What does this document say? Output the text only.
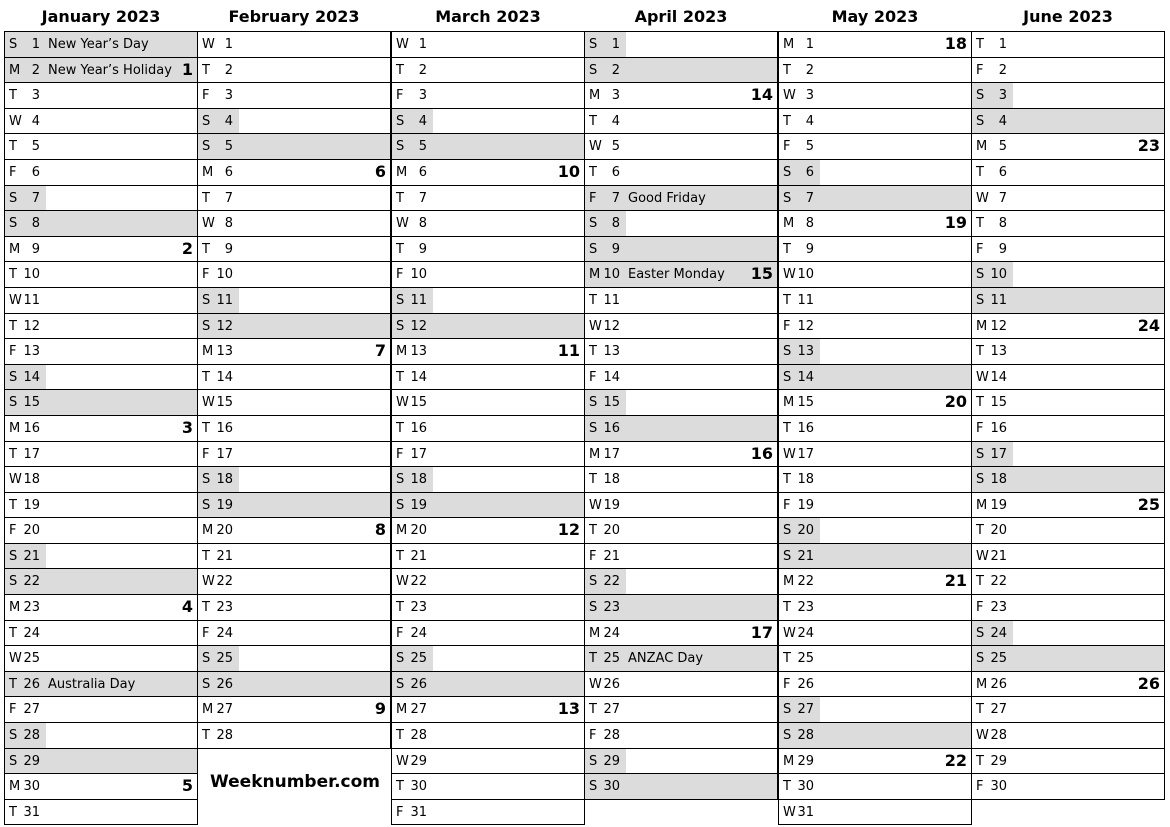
January 2023
S	1 New Year’s Day
M 2 New Year’s Holiday 1
T	3
W 4
T	5
F	6
S	7
S	8
M 9	2
T 10
W 11
T 12
F 13
S 14
S 15
M 16	3
T 17
W 18
T 19
F 20
S 21
S 22
M 23	4
T 24
W 25
T 26 Australia Day
F 27
S 28
S 29
M 30	5
T 31
February 2023
W 1
T	2
F	3
S	4
S	5
M 6	6
T	7
W 8
T	9
F 10
S 11
S 12
M 13	7
T 14
W 15
T 16
F 17
S 18
S 19
M 20	8
T 21
W 22
T 23
F 24
S 25
S 26
M 27	9
T 28
March 2023
W 1
T	2
F	3
S	4
S	5
M 6	10
T	7
W 8
T	9
F 10
S 11
S 12
M 13	11
T 14
W 15
T 16
F 17
S 18
S 19
M 20	12
T 21
W 22
T 23
F 24
S 25
S 26
M 27	13
T 28
W 29
T 30
F 31
April 2023
S	1
S	2
M 3	14
T	4
W 5
T	6
F	7 Good Friday
S	8
S	9
M 10 Easter Monday 15
T 11
W 12
T 13
F 14
S 15
S 16
M 17	16
T 18
W 19
T 20
F 21
S 22
S 23
M 24	17
T 25 ANZAC Day
W 26
T 27
F 28
S 29
S 30
May 2023
M 1	18
T	2
W 3
T	4
F	5
S	6
S	7
M 8	19
T	9
W 10
T 11
F 12
S 13
S 14
M 15	20
T 16
W 17
T 18
F 19
S 20
S 21
M 22	21
T 23
W 24
T 25
F 26
S 27
S 28
M 29	22
T 30
W 31
June 2023
T	1
F	2
S	3
S	4
M 5	23
T	6
W 7
T	8
F	9
S 10
S 11
M 12	24
T 13
W 14
T 15
F 16
S 17
S 18
M 19	25
T 20
W 21
T 22
F 23
S 24
S 25
M 26	26
T 27
W 28
T 29
F 30
Weeknumber.com
